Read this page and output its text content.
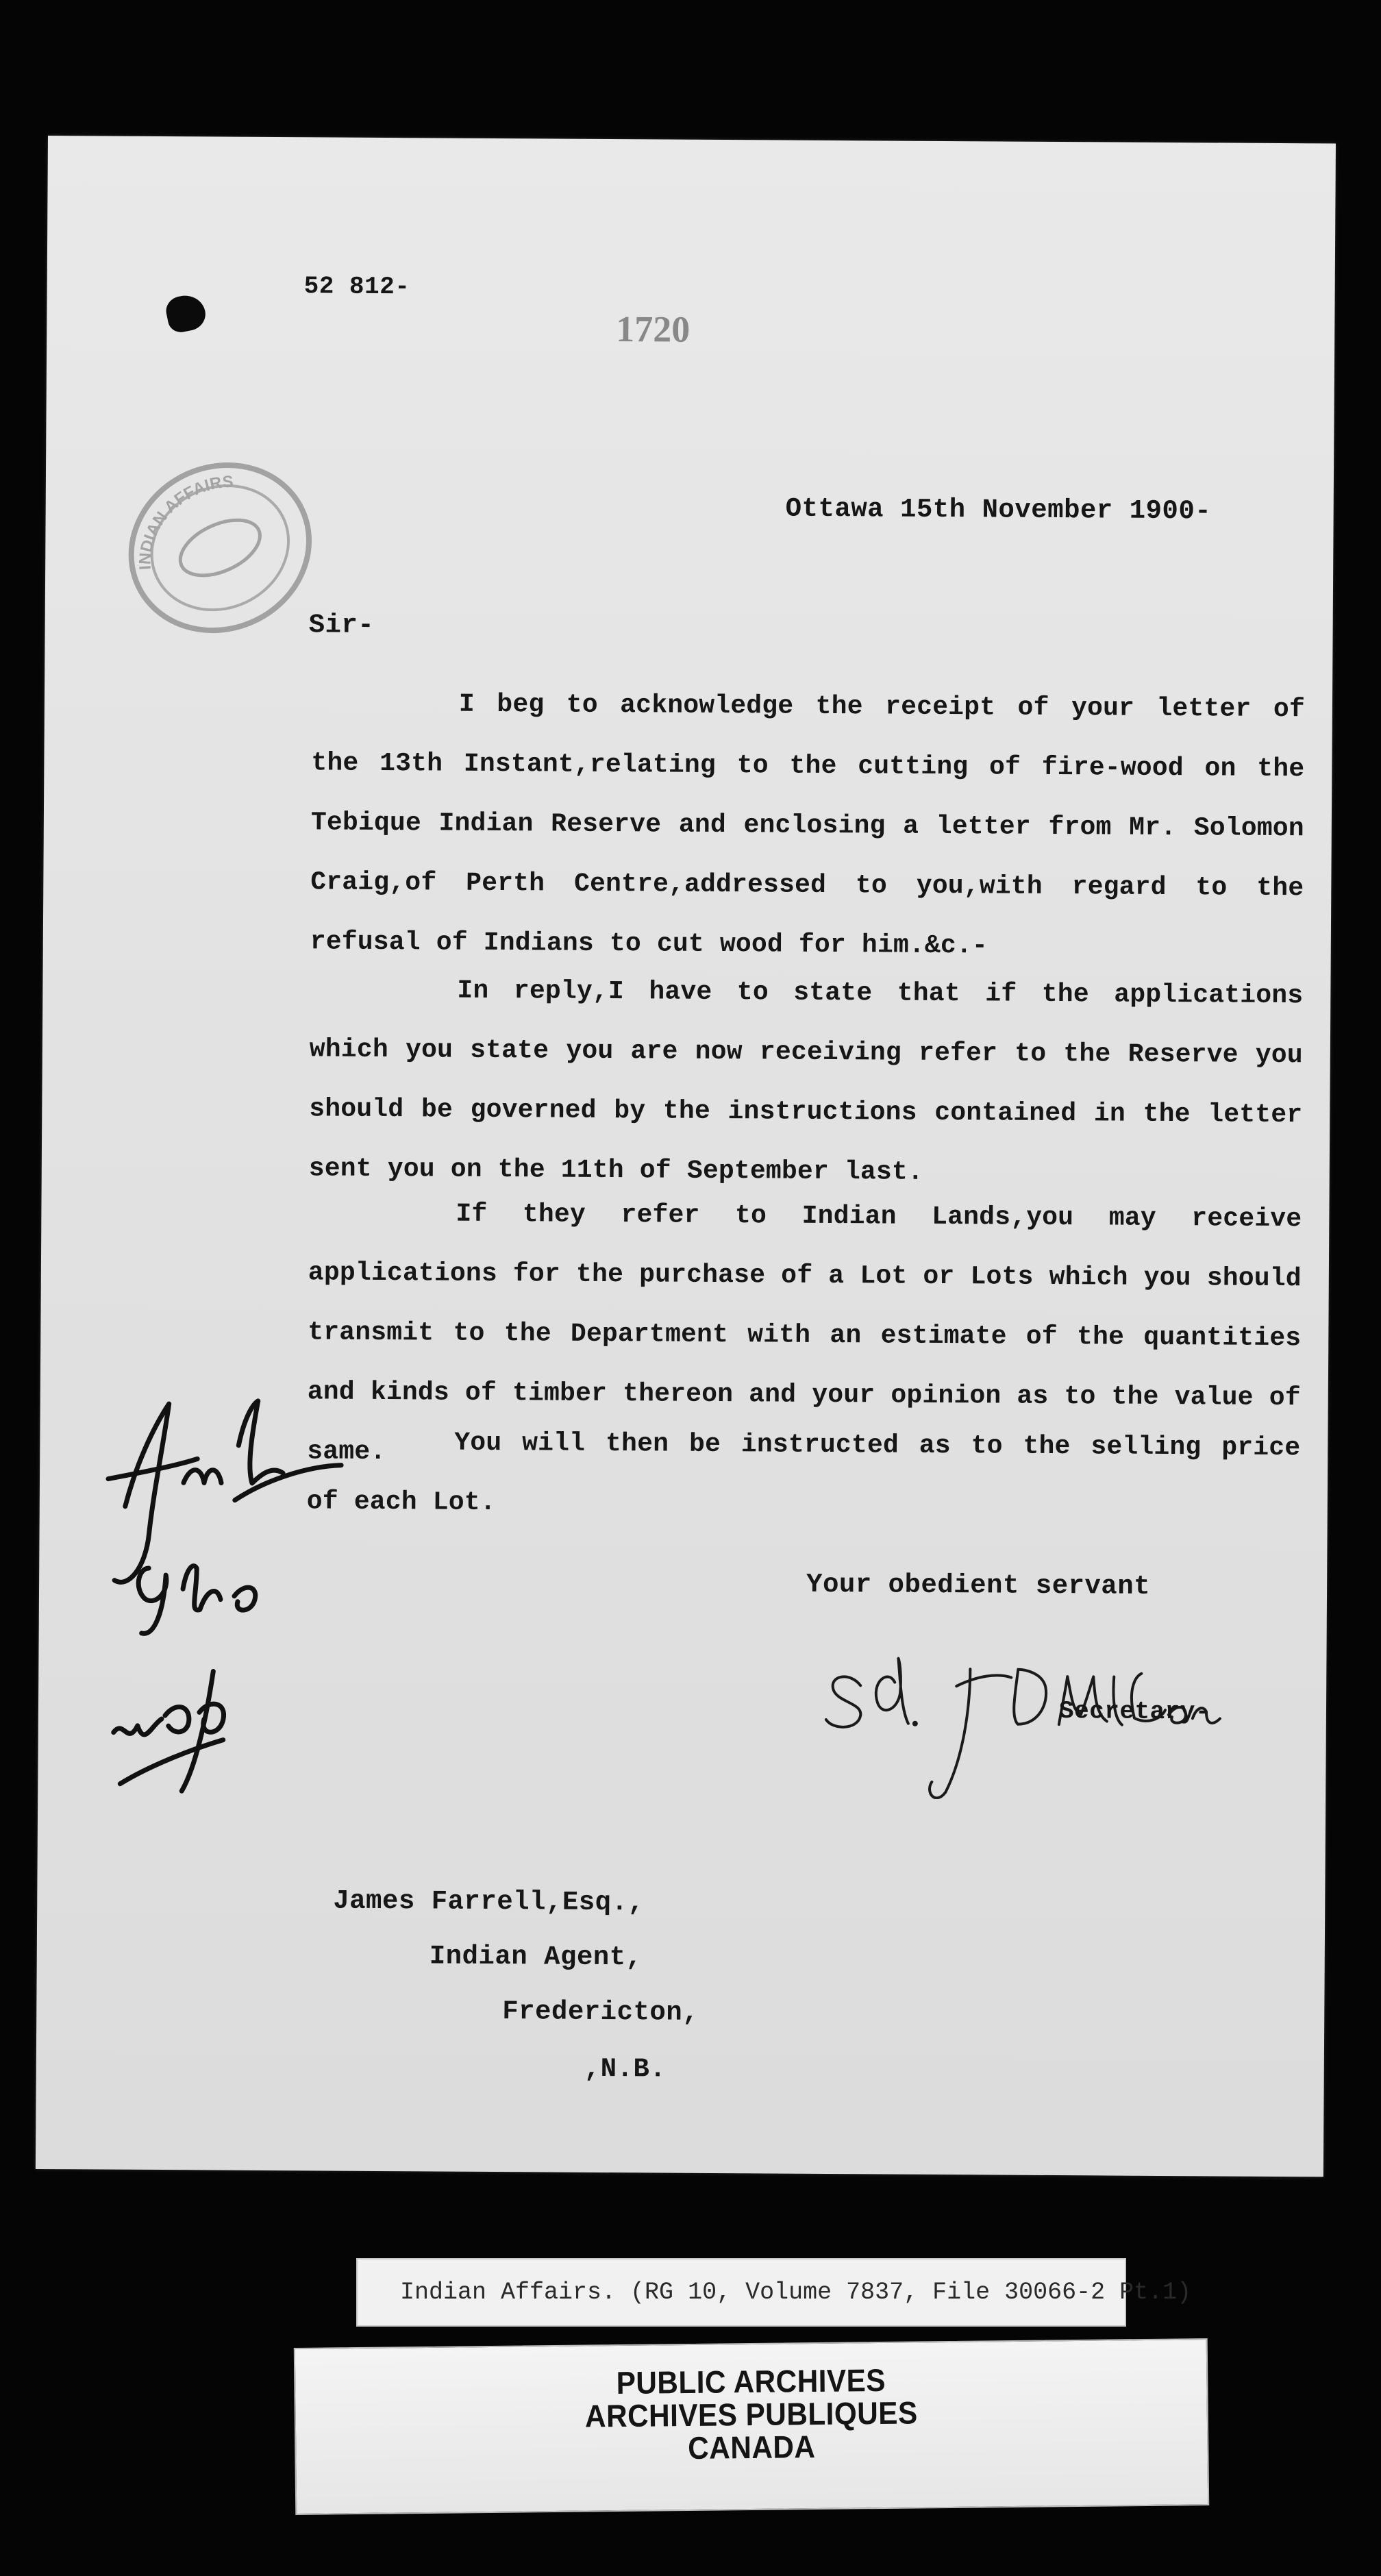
52 812-
1720
INDIAN AFFAIRS
Ottawa 15th November 1900-
Sir-
I beg to acknowledge the receipt of your letter of the 13th Instant,relating to the cutting of fire-wood on the Tebique Indian Reserve and enclosing a letter from Mr. Solomon Craig,of Perth Centre,addressed to you,with regard to the refusal of Indians to cut wood for him.&c.-
In reply,I have to state that if the applications which you state you are now receiving refer to the Reserve you should be governed by the instructions contained in the letter sent you on the 11th of September last.
If they refer to Indian Lands,you may receive applications for the purchase of a Lot or Lots which you should transmit to the Department with an estimate of the quantities and kinds of timber thereon and your opinion as to the value of same.	You will then be instructed as to the selling price of each Lot.
J.n.L.
Your obedient servant
Sd. J.D. McLean
Secretary-
James Farrell,Esq.,
Indian Agent,
Fredericton,
,N.B.
Indian Affairs. (RG 10, Volume 7837, File 30066-2 Pt.1)
PUBLIC ARCHIVES
ARCHIVES PUBLIQUES
CANADA
